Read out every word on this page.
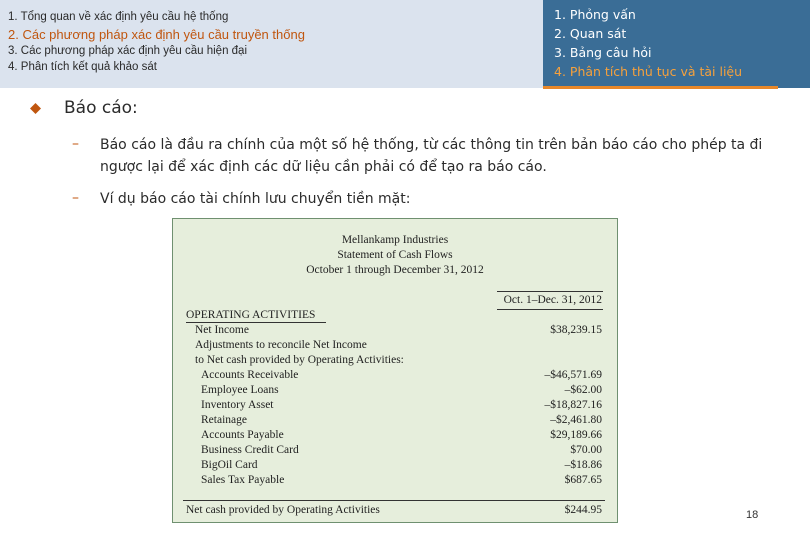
1. Tổng quan về xác định yêu cầu hệ thống
2. Các phương pháp xác định yêu cầu truyền thống
3. Các phương pháp xác định yêu cầu hiện đại
4. Phân tích kết quả khảo sát
1. Phỏng vấn
2. Quan sát
3. Bảng câu hỏi
4. Phân tích thủ tục và tài liệu
Báo cáo:
– Báo cáo là đầu ra chính của một số hệ thống, từ các thông tin trên bản báo cáo cho phép ta đi ngược lại để xác định các dữ liệu cần phải có để tạo ra báo cáo.
– Ví dụ báo cáo tài chính lưu chuyển tiền mặt:
Mellankamp Industries
Statement of Cash Flows
October 1 through December 31, 2012
Oct. 1–Dec. 31, 2012
OPERATING ACTIVITIES
Net Income	$38,239.15
Adjustments to reconcile Net Income
to Net cash provided by Operating Activities:
Accounts Receivable	–$46,571.69
Employee Loans	–$62.00
Inventory Asset	–$18,827.16
Retainage	–$2,461.80
Accounts Payable	$29,189.66
Business Credit Card	$70.00
BigOil Card	–$18.86
Sales Tax Payable	$687.65
Net cash provided by Operating Activities	$244.95	18
